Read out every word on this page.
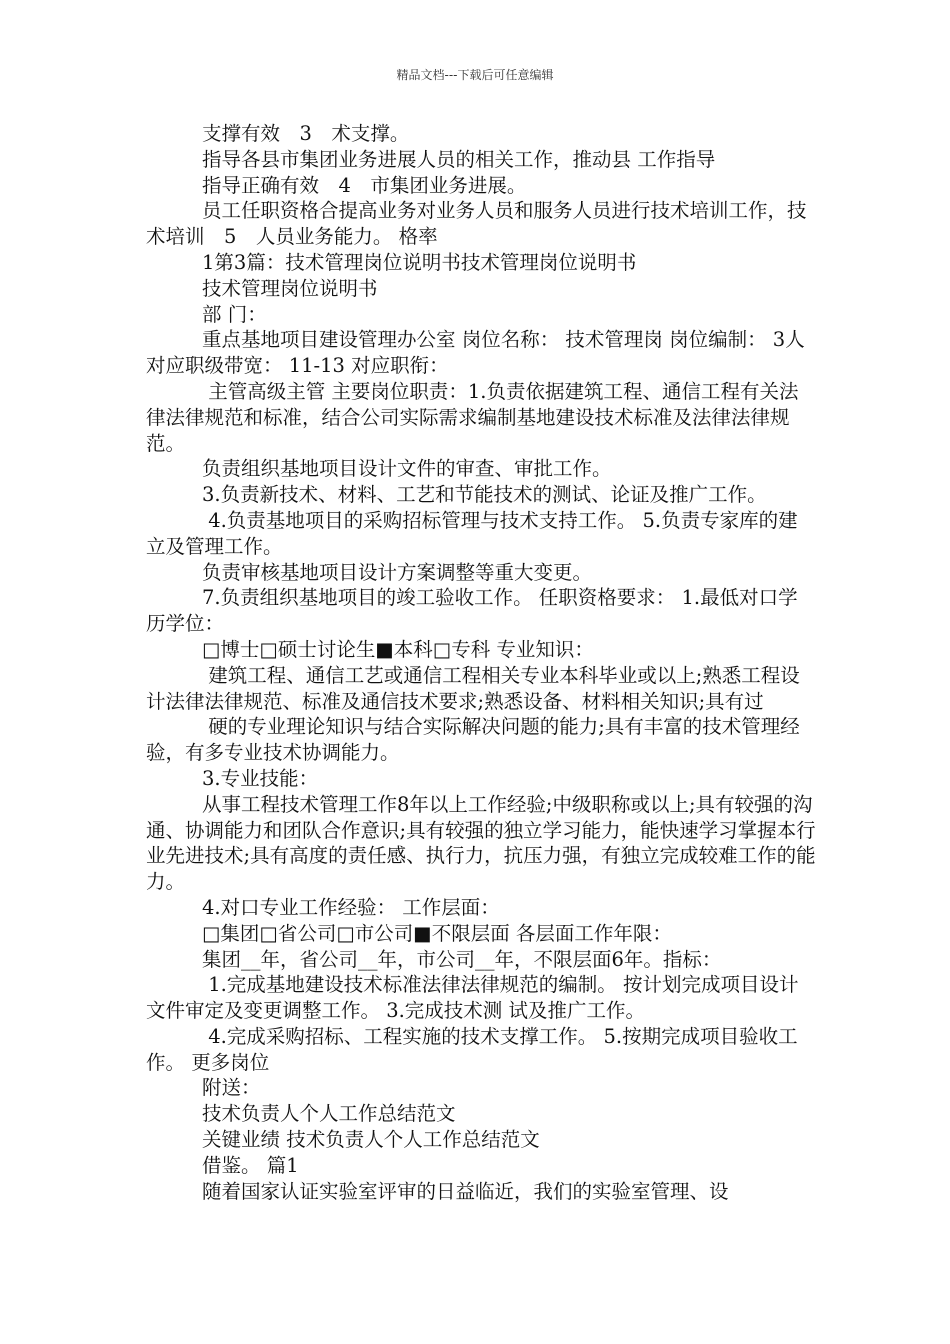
精品文档---下载后可任意编辑

支撑有效　3　术支撑。

指导各县市集团业务进展人员的相关工作，推动县 工作指导

指导正确有效　4　市集团业务进展。

员工任职资格合提高业务对业务人员和服务人员进行技术培训工作，技术培训　5　人员业务能力。 格率

1第3篇：技术管理岗位说明书技术管理岗位说明书

技术管理岗位说明书

部 门：

重点基地项目建设管理办公室 岗位名称： 技术管理岗 岗位编制： 3人 对应职级带宽： 11-13 对应职衔：

主管高级主管 主要岗位职责：1.负责依据建筑工程、通信工程有关法律法律规范和标准，结合公司实际需求编制基地建设技术标准及法律法律规范。

负责组织基地项目设计文件的审查、审批工作。

3.负责新技术、材料、工艺和节能技术的测试、论证及推广工作。

4.负责基地项目的采购招标管理与技术支持工作。 5.负责专家库的建立及管理工作。

负责审核基地项目设计方案调整等重大变更。

7.负责组织基地项目的竣工验收工作。 任职资格要求： 1.最低对口学历学位：

□博士□硕士讨论生■本科□专科 专业知识：

建筑工程、通信工艺或通信工程相关专业本科毕业或以上;熟悉工程设计法律法律规范、标准及通信技术要求;熟悉设备、材料相关知识;具有过

硬的专业理论知识与结合实际解决问题的能力;具有丰富的技术管理经验，有多专业技术协调能力。

3.专业技能：

从事工程技术管理工作8年以上工作经验;中级职称或以上;具有较强的沟通、协调能力和团队合作意识;具有较强的独立学习能力，能快速学习掌握本行业先进技术;具有高度的责任感、执行力，抗压力强，有独立完成较难工作的能力。

4.对口专业工作经验： 工作层面：

□集团□省公司□市公司■不限层面 各层面工作年限：

集团__年，省公司__年，市公司__年，不限层面6年。指标：

1.完成基地建设技术标准法律法律规范的编制。 按计划完成项目设计文件审定及变更调整工作。 3.完成技术测 试及推广工作。

4.完成采购招标、工程实施的技术支撑工作。 5.按期完成项目验收工作。 更多岗位

附送：

技术负责人个人工作总结范文

关键业绩 技术负责人个人工作总结范文

借鉴。 篇1

随着国家认证实验室评审的日益临近，我们的实验室管理、设
